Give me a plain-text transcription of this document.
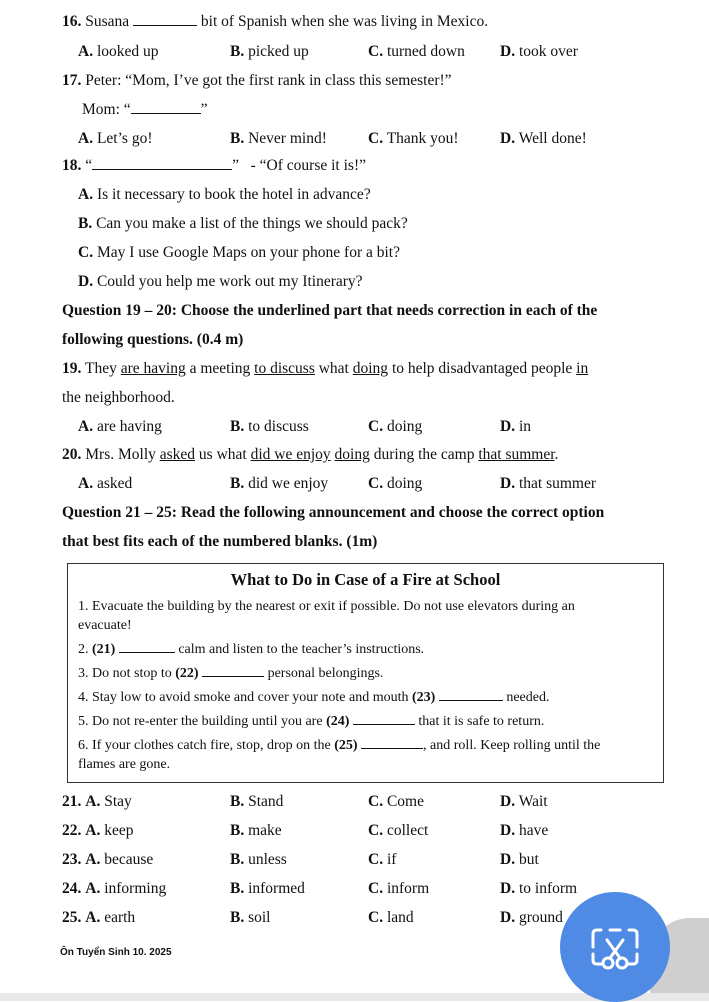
16. Susana	bit of Spanish when she was living in Mexico.
A. looked up	B. picked up	C. turned down D. took over
17. Peter: “Mom, I’ve got the first rank in class this semester!”
Mom: “	”
A. Let’s go!	B. Never mind!	C. Thank you!	D. Well done!
18. “	”   - “Of course it is!”
A. Is it necessary to book the hotel in advance?
B. Can you make a list of the things we should pack?
C. May I use Google Maps on your phone for a bit?
D. Could you help me work out my Itinerary?
Question 19 – 20: Choose the underlined part that needs correction in each of the
following questions. (0.4 m)
19. They are having a meeting to discuss what doing to help disadvantaged people in
the neighborhood.
A. are having	B. to discuss	C. doing	D. in
20. Mrs. Molly asked us what did we enjoy doing during the camp that summer.
A. asked	B. did we enjoy	C. doing	D. that summer
Question 21 – 25: Read the following announcement and choose the correct option
that best fits each of the numbered blanks. (1m)
What to Do in Case of a Fire at School
1. Evacuate the building by the nearest or exit if possible. Do not use elevators during an
evacuate!
2. (21)	calm and listen to the teacher’s instructions.
3. Do not stop to (22)	personal belongings.
4. Stay low to avoid smoke and cover your note and mouth (23)	needed.
5. Do not re-enter the building until you are (24)	that it is safe to return.
6. If your clothes catch fire, stop, drop on the (25)	, and roll. Keep rolling until the
flames are gone.
21. A. Stay	B. Stand	C. Come	D. Wait
22. A. keep	B. make	C. collect	D. have
23. A. because	B. unless	C. if	D. but
24. A. informing	B. informed	C. inform	D. to inform
25. A. earth	B. soil	C. land	D. ground
Ôn Tuyển Sinh 10. 2025
